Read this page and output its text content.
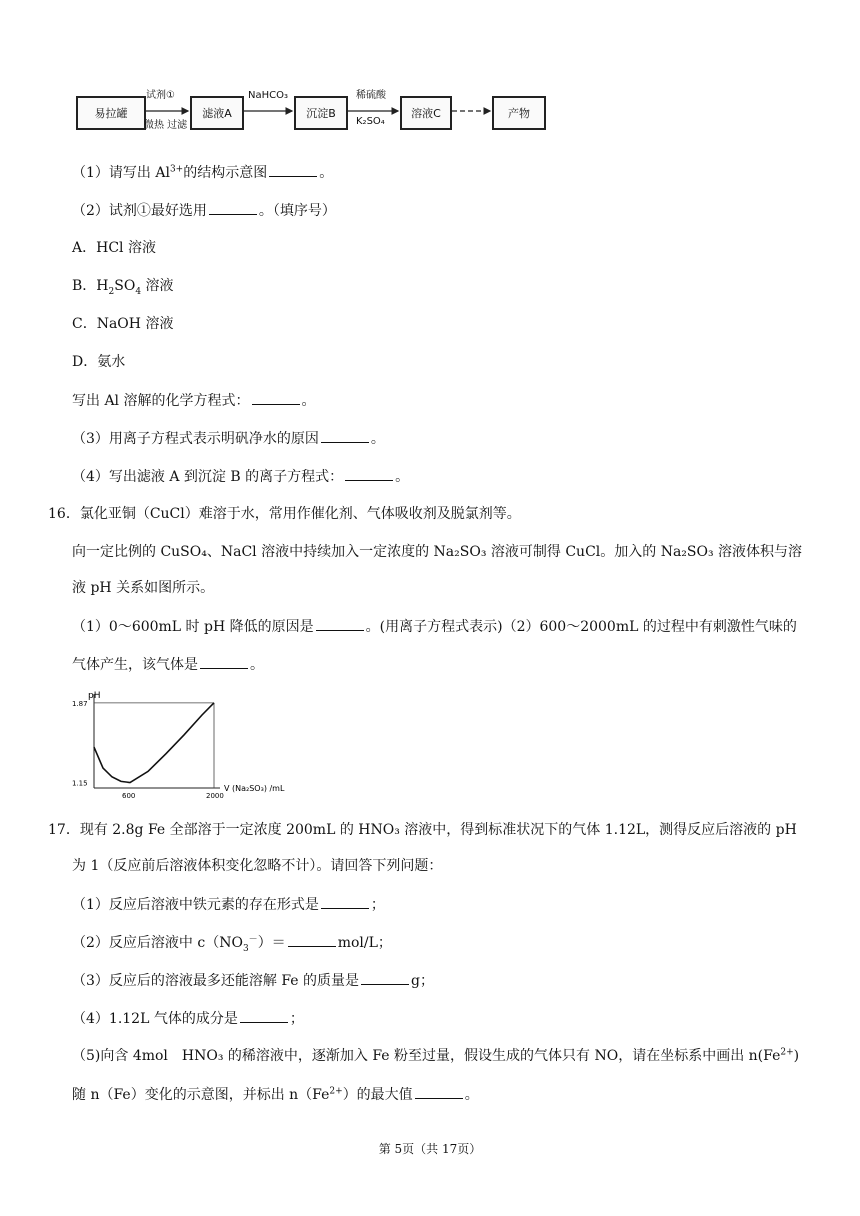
易拉罐
试剂①
微热 过滤
滤液A
NaHCO₃
沉淀B
稀硫酸
K₂SO₄
溶液C	产物
（1）请写出 $Al^{3+}$的结构示意图	。
（2）试剂①最好选用	。（填序号）
A．HCl 溶液
B．$H_2SO_4$ 溶液
C．NaOH 溶液
D．氨水
写出 Al 溶解的化学方程式：	。
（3）用离子方程式表示明矾净水的原因	。
（4）写出滤液 A 到沉淀 B 的离子方程式：	。
16．氯化亚铜（CuCl）难溶于水，常用作催化剂、气体吸收剂及脱氯剂等。
向一定比例的 CuSO₄、NaCl 溶液中持续加入一定浓度的 Na₂SO₃ 溶液可制得 CuCl。加入的 Na₂SO₃ 溶液体积与溶
液 pH 关系如图所示。
（1）0～600mL 时 pH 降低的原因是	。(用离子方程式表示)（2）600～2000mL 的过程中有刺激性气味的
气体产生，该气体是	。
pH
V (Na₂SO₃) /mL
1.87
1.15
600	2000
17．现有 2.8g Fe 全部溶于一定浓度 200mL 的 HNO₃ 溶液中，得到标准状况下的气体 1.12L，测得反应后溶液的 pH
为 1（反应前后溶液体积变化忽略不计）。请回答下列问题：
（1）反应后溶液中铁元素的存在形式是	；
（2）反应后溶液中 $c(NO_3^-)=$	mol/L；
（3）反应后的溶液最多还能溶解 Fe 的质量是	g；
（4）1.12L 气体的成分是	；
（5)向含 4mol　HNO₃ 的稀溶液中，逐渐加入 Fe 粉至过量，假设生成的气体只有 NO，请在坐标系中画出 $n(Fe^{2+})$
随 n（Fe）变化的示意图，并标出 $n(Fe^{2+})$的最大值	。
第 5页（共 17页）
